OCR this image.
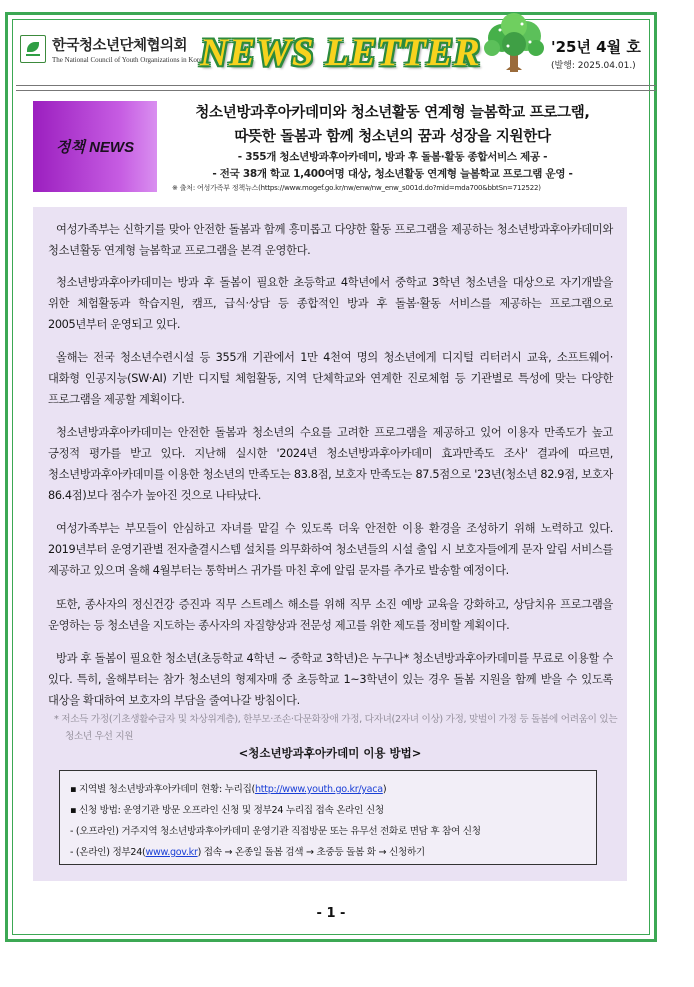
한국청소년단체협의회
The National Council of Youth Organizations in Korea
NEWS LETTER	'25년 4월 호
(발행: 2025.04.01.)
정책 NEWS
청소년방과후아카데미와 청소년활동 연계형 늘봄학교 프로그램,
따뜻한 돌봄과 함께 청소년의 꿈과 성장을 지원한다
- 355개 청소년방과후아카데미, 방과 후 돌봄·활동 종합서비스 제공 -
- 전국 38개 학교 1,400여명 대상, 청소년활동 연계형 늘봄학교 프로그램 운영 -
※ 출처: 여성가족부 정책뉴스(https://www.mogef.go.kr/nw/enw/nw_enw_s001d.do?mid=mda700&bbtSn=712522)
여성가족부는 신학기를 맞아 안전한 돌봄과 함께 흥미롭고 다양한 활동 프로그램을 제공하는 청소년방과후아카데미와 청소년활동 연계형 늘봄학교 프로그램을 본격 운영한다.
청소년방과후아카데미는 방과 후 돌봄이 필요한 초등학교 4학년에서 중학교 3학년 청소년을 대상으로 자기개발을 위한 체험활동과 학습지원, 캠프, 급식·상담 등 종합적인 방과 후 돌봄·활동 서비스를 제공하는 프로그램으로 2005년부터 운영되고 있다.
올해는 전국 청소년수련시설 등 355개 기관에서 1만 4천여 명의 청소년에게 디지털 리터러시 교육, 소프트웨어·대화형 인공지능(SW·AI) 기반 디지털 체험활동, 지역 단체학교와 연계한 진로체험 등 기관별로 특성에 맞는 다양한 프로그램을 제공할 계획이다.
청소년방과후아카데미는 안전한 돌봄과 청소년의 수요를 고려한 프로그램을 제공하고 있어 이용자 만족도가 높고 긍정적 평가를 받고 있다. 지난해 실시한 '2024년 청소년방과후아카데미 효과만족도 조사' 결과에 따르면, 청소년방과후아카데미를 이용한 청소년의 만족도는 83.8점, 보호자 만족도는 87.5점으로 '23년(청소년 82.9점, 보호자 86.4점)보다 점수가 높아진 것으로 나타났다.
여성가족부는 부모들이 안심하고 자녀를 맡길 수 있도록 더욱 안전한 이용 환경을 조성하기 위해 노력하고 있다. 2019년부터 운영기관별 전자출결시스템 설치를 의무화하여 청소년들의 시설 출입 시 보호자들에게 문자 알림 서비스를 제공하고 있으며 올해 4월부터는 통학버스 귀가를 마친 후에 알림 문자를 추가로 발송할 예정이다.
또한, 종사자의 정신건강 증진과 직무 스트레스 해소를 위해 직무 소진 예방 교육을 강화하고, 상담치유 프로그램을 운영하는 등 청소년을 지도하는 종사자의 자질향상과 전문성 제고를 위한 제도를 정비할 계획이다.
방과 후 돌봄이 필요한 청소년(초등학교 4학년 ~ 중학교 3학년)은 누구나* 청소년방과후아카데미를 무료로 이용할 수 있다. 특히, 올해부터는 참가 청소년의 형제자매 중 초등학교 1~3학년이 있는 경우 돌봄 지원을 함께 받을 수 있도록 대상을 확대하여 보호자의 부담을 줄여나갈 방침이다.
* 저소득 가정(기초생활수급자 및 차상위계층), 한부모·조손·다문화장애 가정, 다자녀(2자녀 이상) 가정, 맞벌이 가정 등 돌봄에 어려움이 있는 청소년 우선 지원
<청소년방과후아카데미 이용 방법>
▪ 지역별 청소년방과후아카데미 현황: 누리집(http://www.youth.go.kr/yaca)
▪ 신청 방법: 운영기관 방문 오프라인 신청 및 정부24 누리집 접속 온라인 신청
- (오프라인) 거주지역 청소년방과후아카데미 운영기관 직접방문 또는 유무선 전화로 면담 후 참여 신청
- (온라인) 정부24(www.gov.kr) 접속 → 온종일 돌봄 검색 → 초중등 돌봄 화 → 신청하기
- 1 -
